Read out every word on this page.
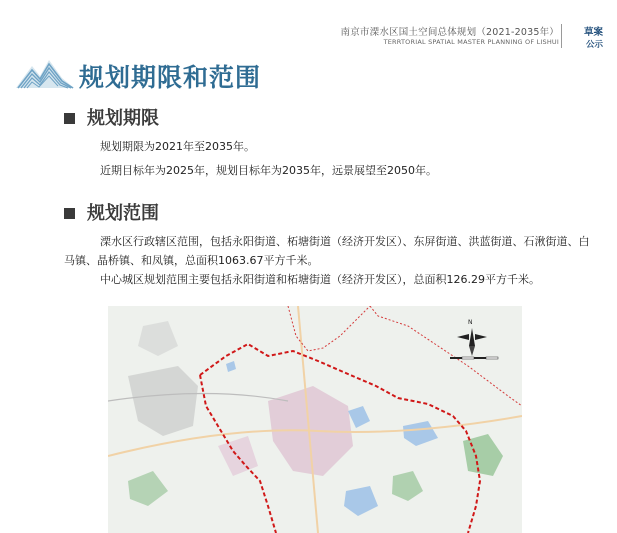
南京市溧水区国土空间总体规划（2021-2035年）
TERRTORIAL SPATIAL MASTER PLANNING OF LISHUI
草案
公示
规划期限和范围
规划期限
规划期限为2021年至2035年。
近期目标年为2025年，规划目标年为2035年，远景展望至2050年。
规划范围
溧水区行政辖区范围，包括永阳街道、柘塘街道（经济开发区）、东屏街道、洪蓝街道、石湫街道、白马镇、晶桥镇、和凤镇，总面积1063.67平方千米。
中心城区规划范围主要包括永阳街道和柘塘街道（经济开发区），总面积126.29平方千米。
N
